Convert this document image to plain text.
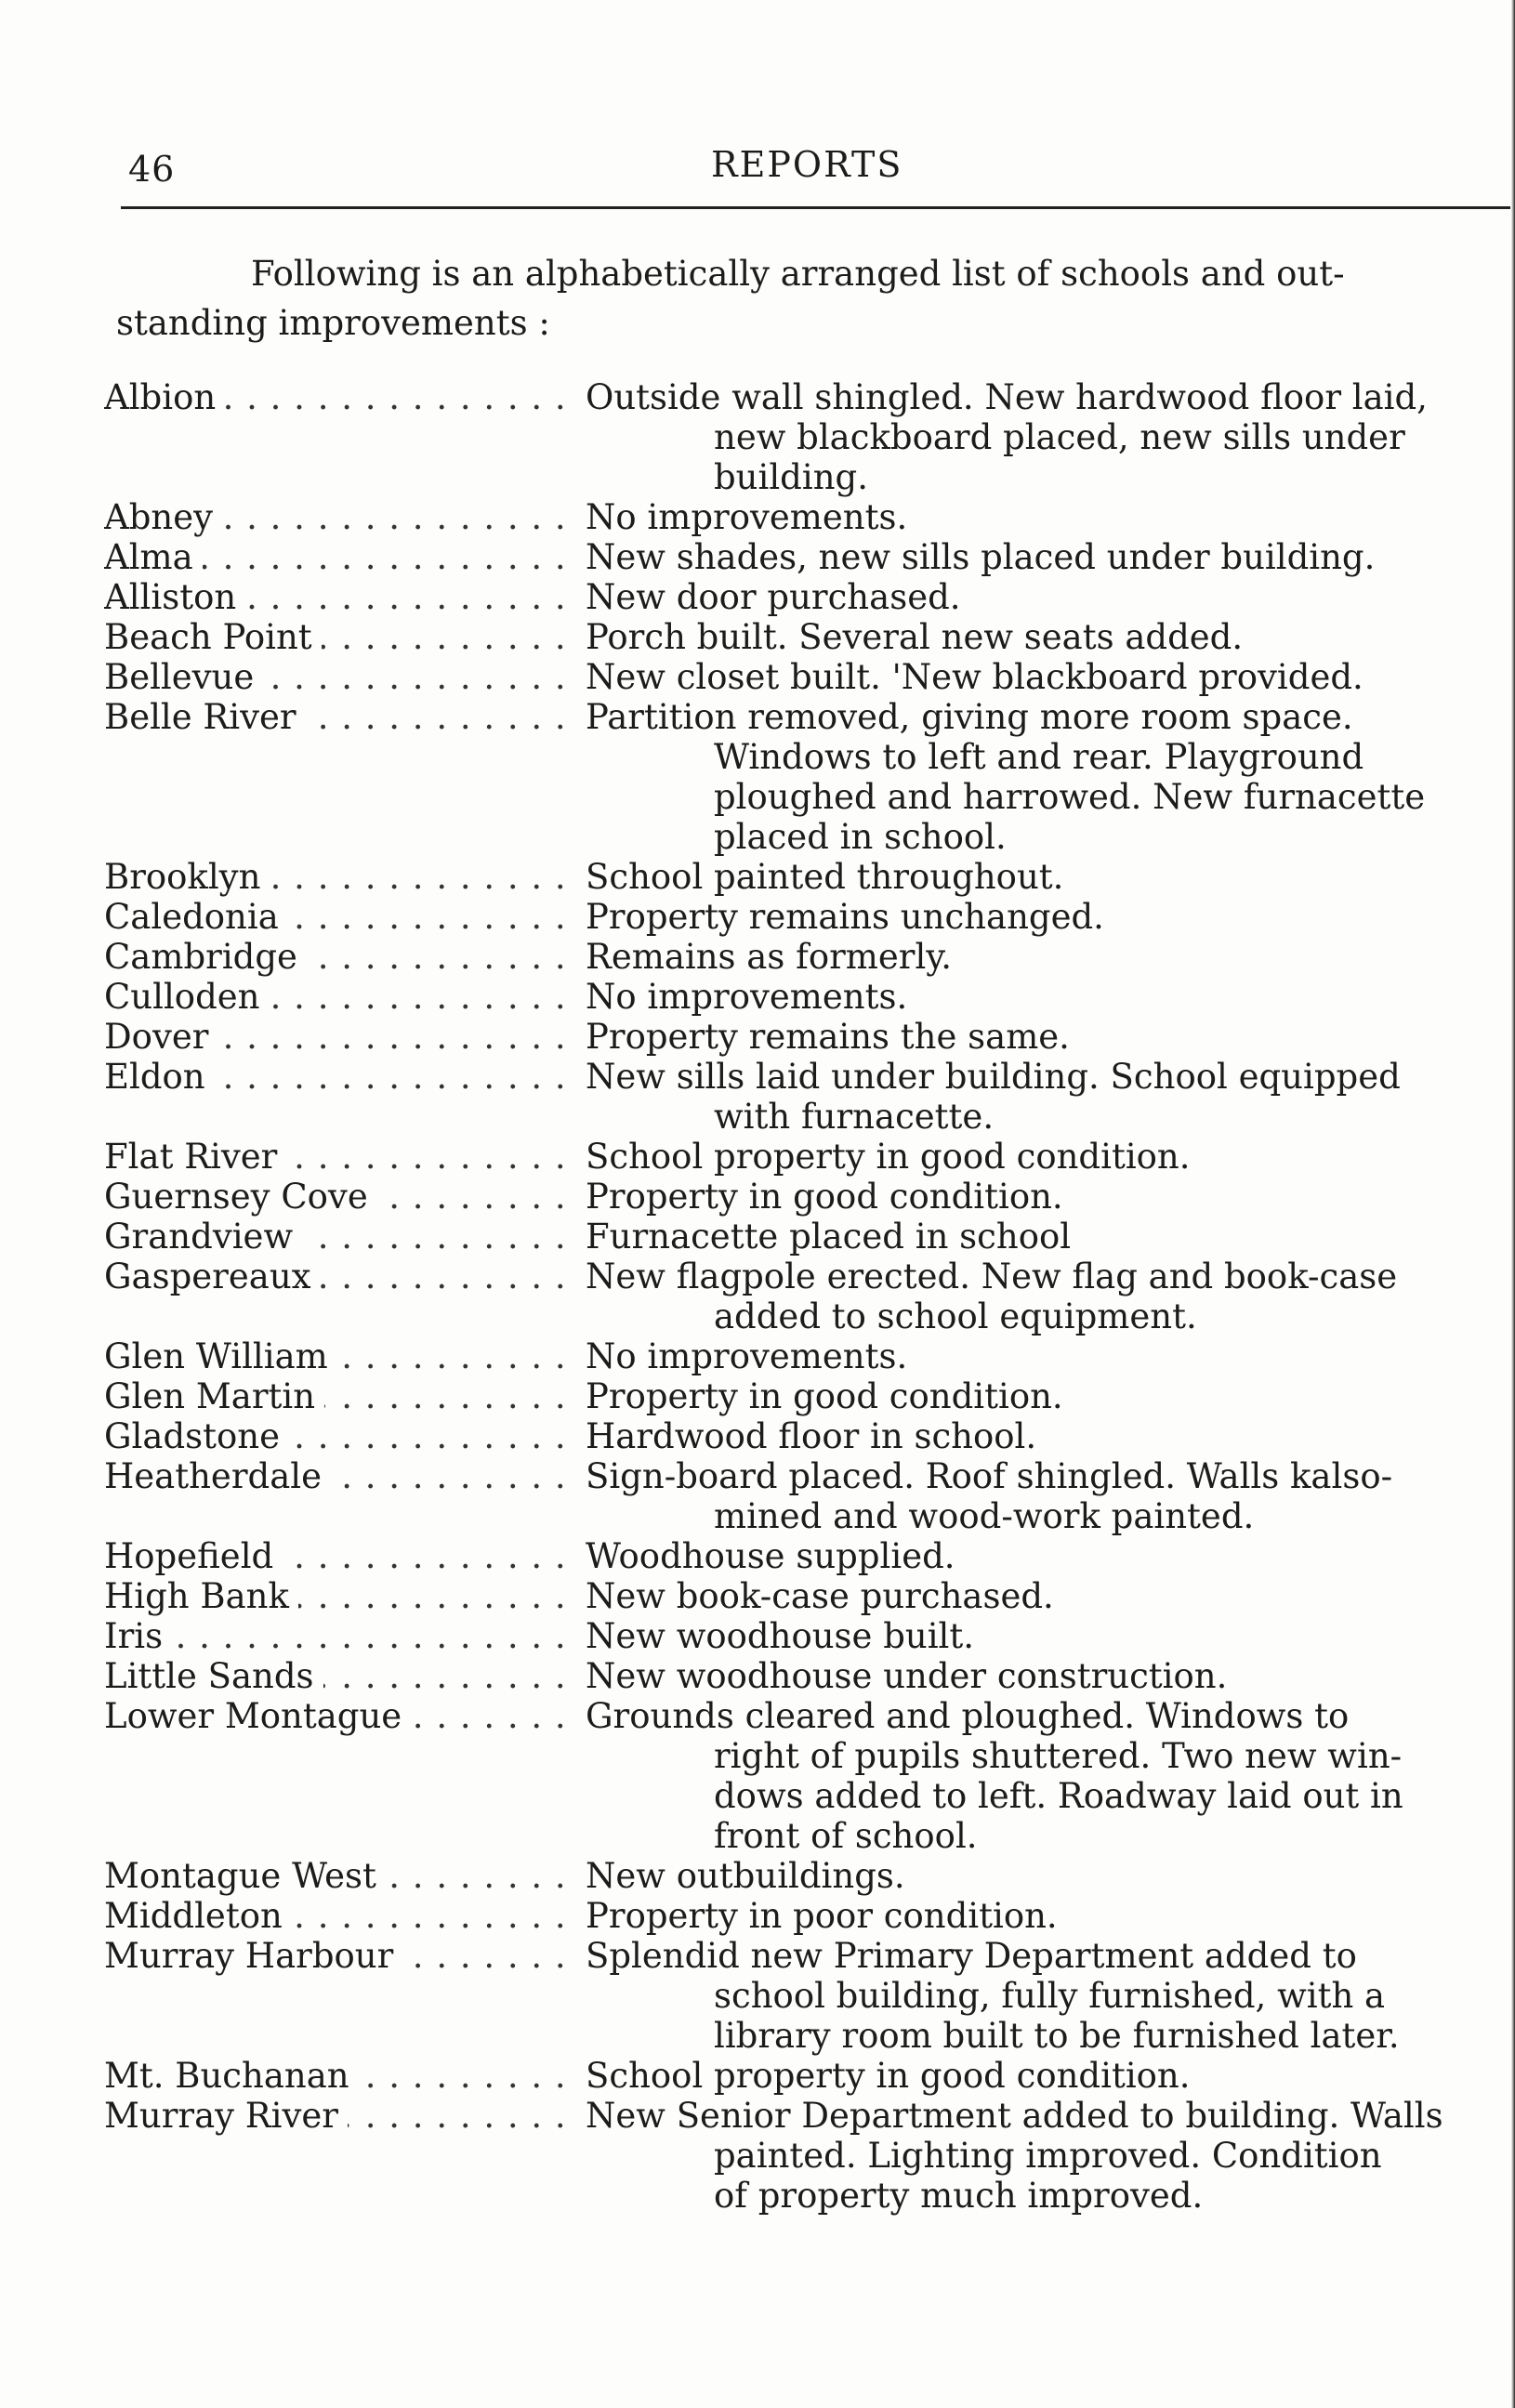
46	REPORTS
Following is an alphabetically arranged list of schools and out-
standing improvements :
Albion . . .	Outside wall shingled. New hardwood floor laid,
new blackboard placed, new sills under
building.
Abney . . .	No improvements.
Alma . . .	New shades, new sills placed under building.
Alliston . . .	New door purchased.
Beach Point . . .	Porch built. Several new seats added.
Bellevue . . .	New closet built. 'New blackboard provided.
Belle River . . .	Partition removed, giving more room space.
Windows to left and rear. Playground
ploughed and harrowed. New furnacette
placed in school.
Brooklyn . . .	School painted throughout.
Caledonia . . .	Property remains unchanged.
Cambridge . . .	Remains as formerly.
Culloden . . .	No improvements.
Dover . . .	Property remains the same.
Eldon . . .	New sills laid under building. School equipped
with furnacette.
Flat River . . .	School property in good condition.
Guernsey Cove . . .	Property in good condition.
Grandview . . .	Furnacette placed in school
Gaspereaux . . .	New flagpole erected. New flag and book-case
added to school equipment.
Glen William . . .	No improvements.
Glen Martin . . .	Property in good condition.
Gladstone . . .	Hardwood floor in school.
Heatherdale . . .	Sign-board placed. Roof shingled. Walls kalso-
mined and wood-work painted.
Hopefield . . .	Woodhouse supplied.
High Bank . . .	New book-case purchased.
Iris . . .	New woodhouse built.
Little Sands . . .	New woodhouse under construction.
Lower Montague . . .	Grounds cleared and ploughed. Windows to
right of pupils shuttered. Two new win-
dows added to left. Roadway laid out in
front of school.
Montague West . . .	New outbuildings.
Middleton . . .	Property in poor condition.
Murray Harbour . . .	Splendid new Primary Department added to
school building, fully furnished, with a
library room built to be furnished later.
Mt. Buchanan . . .	School property in good condition.
Murray River . . .	New Senior Department added to building. Walls
painted. Lighting improved. Condition
of property much improved.
